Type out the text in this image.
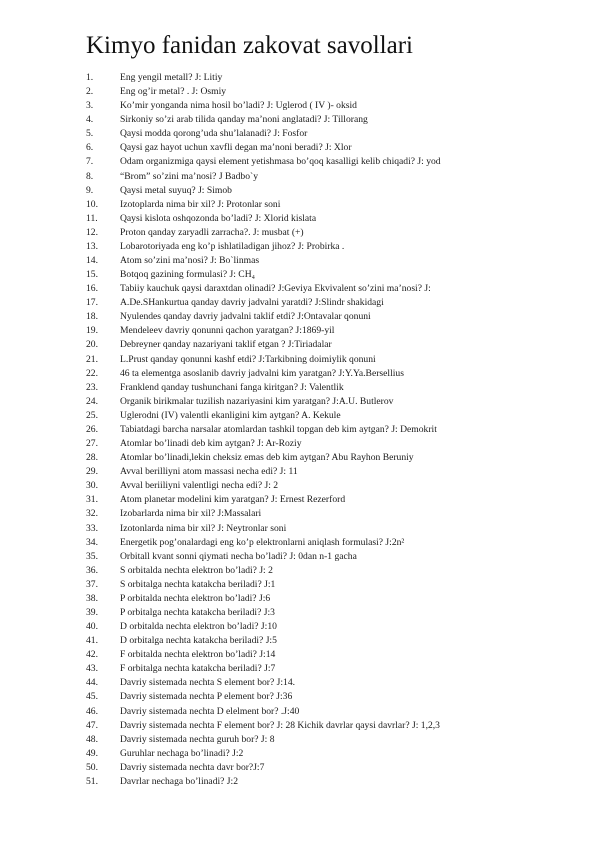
Kimyo fanidan zakovat savollari
1.	Eng yengil metall? J: Litiy
2.	Eng og’ir metal? . J: Osmiy
3.	Ko’mir yonganda nima hosil bo’ladi? J: Uglerod ( IV )- oksid
4.	Sirkoniy so’zi arab tilida qanday ma’noni anglatadi? J: Tillorang
5.	Qaysi modda qorong’uda shu’lalanadi? J: Fosfor
6.	Qaysi gaz hayot uchun xavfli degan ma’noni beradi? J: Xlor
7.	Odam organizmiga qaysi element yetishmasa bo’qoq kasalligi kelib chiqadi? J: yod
8.	“Brom” so’zini ma’nosi? J Badbo`y
9.	Qaysi metal suyuq? J: Simob
10. Izotoplarda nima bir xil? J: Protonlar soni
11. Qaysi kislota oshqozonda bo’ladi? J: Xlorid kislata
12. Proton qanday zaryadli zarracha?. J: musbat (+)
13. Lobarotoriyada eng ko’p ishlatiladigan jihoz? J: Probirka .
14. Atom so’zini ma’nosi? J: Bo`linmas
15. Botqoq gazining formulasi? J: CH₄
16. Tabiiy kauchuk qaysi daraxtdan olinadi? J:Geviya Ekvivalent so’zini ma’nosi? J:
17. A.De.SHankurtua qanday davriy jadvalni yaratdi? J:Slindr shakidagi
18. Nyulendes qanday davriy jadvalni taklif etdi? J:Ontavalar qonuni
19. Mendeleev davriy qonunni qachon yaratgan? J:1869-yil
20. Debreyner qanday nazariyani taklif etgan ? J:Tiriadalar
21. L.Prust qanday qonunni kashf etdi? J:Tarkibning doimiylik qonuni
22. 46 ta elementga asoslanib davriy jadvalni kim yaratgan? J:Y.Ya.Bersellius
23. Franklend qanday tushunchani fanga kiritgan? J: Valentlik
24. Organik birikmalar tuzilish nazariyasini kim yaratgan? J:A.U. Butlerov
25. Uglerodni (IV) valentli ekanligini kim aytgan? A. Kekule
26. Tabiatdagi barcha narsalar atomlardan tashkil topgan deb kim aytgan? J: Demokrit
27. Atomlar bo’linadi deb kim aytgan? J: Ar-Roziy
28. Atomlar bo’linadi,lekin cheksiz emas deb kim aytgan? Abu Rayhon Beruniy
29. Avval berilliyni atom massasi necha edi? J: 11
30. Avval beriiliyni valentligi necha edi? J: 2
31. Atom planetar modelini kim yaratgan? J: Ernest Rezerford
32. Izobarlarda nima bir xil? J:Massalari
33. Izotonlarda nima bir xil? J: Neytronlar soni
34. Energetik pog’onalardagi eng ko’p elektronlarni aniqlash formulasi? J:2n²
35. Orbitall kvant sonni qiymati necha bo’ladi? J: 0dan n-1 gacha
36. S orbitalda nechta elektron bo’ladi? J: 2
37. S orbitalga nechta katakcha beriladi? J:1
38. P orbitalda nechta elektron bo’ladi? J:6
39. P orbitalga nechta katakcha beriladi? J:3
40. D orbitalda nechta elektron bo’ladi? J:10
41. D orbitalga nechta katakcha beriladi? J:5
42. F orbitalda nechta elektron bo’ladi? J:14
43. F orbitalga nechta katakcha beriladi? J:7
44. Davriy sistemada nechta S element bor? J:14.
45. Davriy sistemada nechta P element bor? J:36
46. Davriy sistemada nechta D elelment bor? .J:40
47. Davriy sistemada nechta F element bor? J: 28 Kichik davrlar qaysi davrlar? J: 1,2,3
48. Davriy sistemada nechta guruh bor? J: 8
49. Guruhlar nechaga bo’linadi? J:2
50. Davriy sistemada nechta davr bor?J:7
51. Davrlar nechaga bo’linadi? J:2
